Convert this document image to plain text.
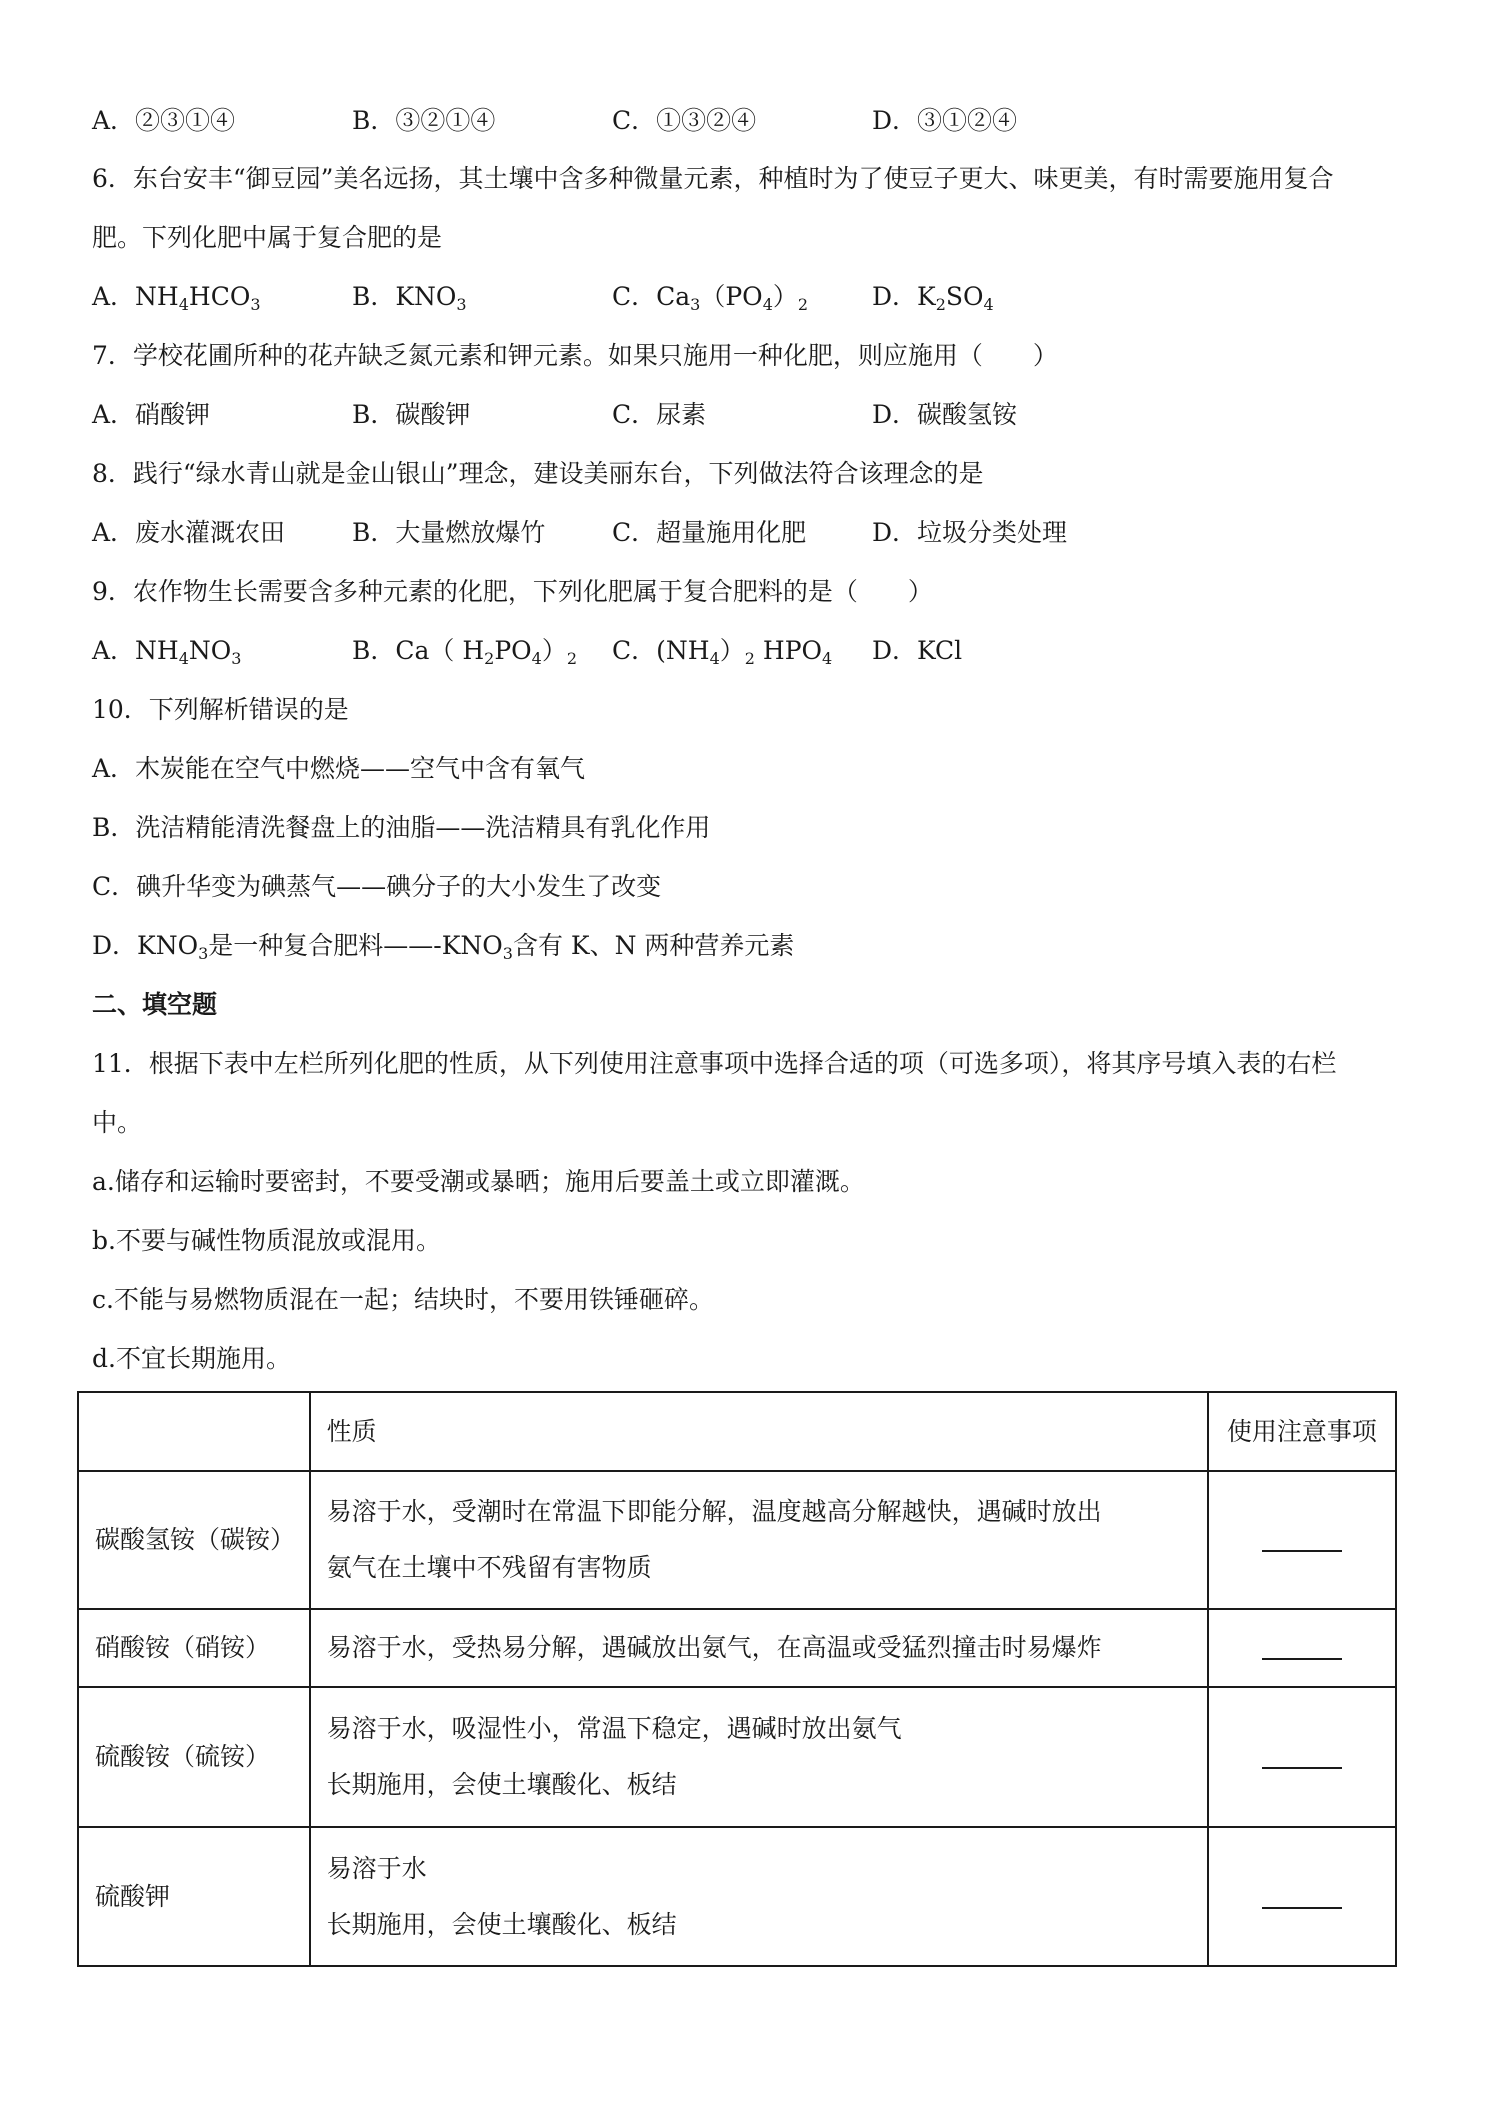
A．②③①④	B．③②①④	C．①③②④	D．③①②④
6．东台安丰“御豆园”美名远扬，其土壤中含多种微量元素，种植时为了使豆子更大、味更美，有时需要施用复合
肥。下列化肥中属于复合肥的是
A．$NH_4HCO_3$	B．$KNO_3$	C．$Ca_3(PO_4)_2$	D．$K_2SO_4$
7．学校花圃所种的花卉缺乏氮元素和钾元素。如果只施用一种化肥，则应施用（　　）
A．硝酸钾	B．碳酸钾	C．尿素	D．碳酸氢铵
8．践行“绿水青山就是金山银山”理念，建设美丽东台，下列做法符合该理念的是
A．废水灌溉农田	B．大量燃放爆竹	C．超量施用化肥	D．垃圾分类处理
9．农作物生长需要含多种元素的化肥，下列化肥属于复合肥料的是（　　）
A．$NH_4NO_3$	B．Ca（ $H_2PO_4)_2$ C．$(NH_4)_2$ $HPO_4$ D．KCl
10．下列解析错误的是
A．木炭能在空气中燃烧——空气中含有氧气
B．洗洁精能清洗餐盘上的油脂——洗洁精具有乳化作用
C．碘升华变为碘蒸气——碘分子的大小发生了改变
D．$KNO_3$是一种复合肥料$——-KNO_3$含有 K、N 两种营养元素
二、填空题
11．根据下表中左栏所列化肥的性质，从下列使用注意事项中选择合适的项（可选多项），将其序号填入表的右栏
中。
a.储存和运输时要密封，不要受潮或暴晒；施用后要盖土或立即灌溉。
b.不要与碱性物质混放或混用。
c.不能与易燃物质混在一起；结块时，不要用铁锤砸碎。
d.不宜长期施用。
	性质	使用注意事项
碳酸氢铵（碳铵）	易溶于水，受潮时在常温下即能分解，温度越高分解越快，遇碱时放出
氨气在土壤中不残留有害物质	

硝酸铵（硝铵）	易溶于水，受热易分解，遇碱放出氨气，在高温或受猛烈撞击时易爆炸	

硫酸铵（硫铵）	易溶于水，吸湿性小，常温下稳定，遇碱时放出氨气
长期施用，会使土壤酸化、板结	

硫酸钾	易溶于水
长期施用，会使土壤酸化、板结	
